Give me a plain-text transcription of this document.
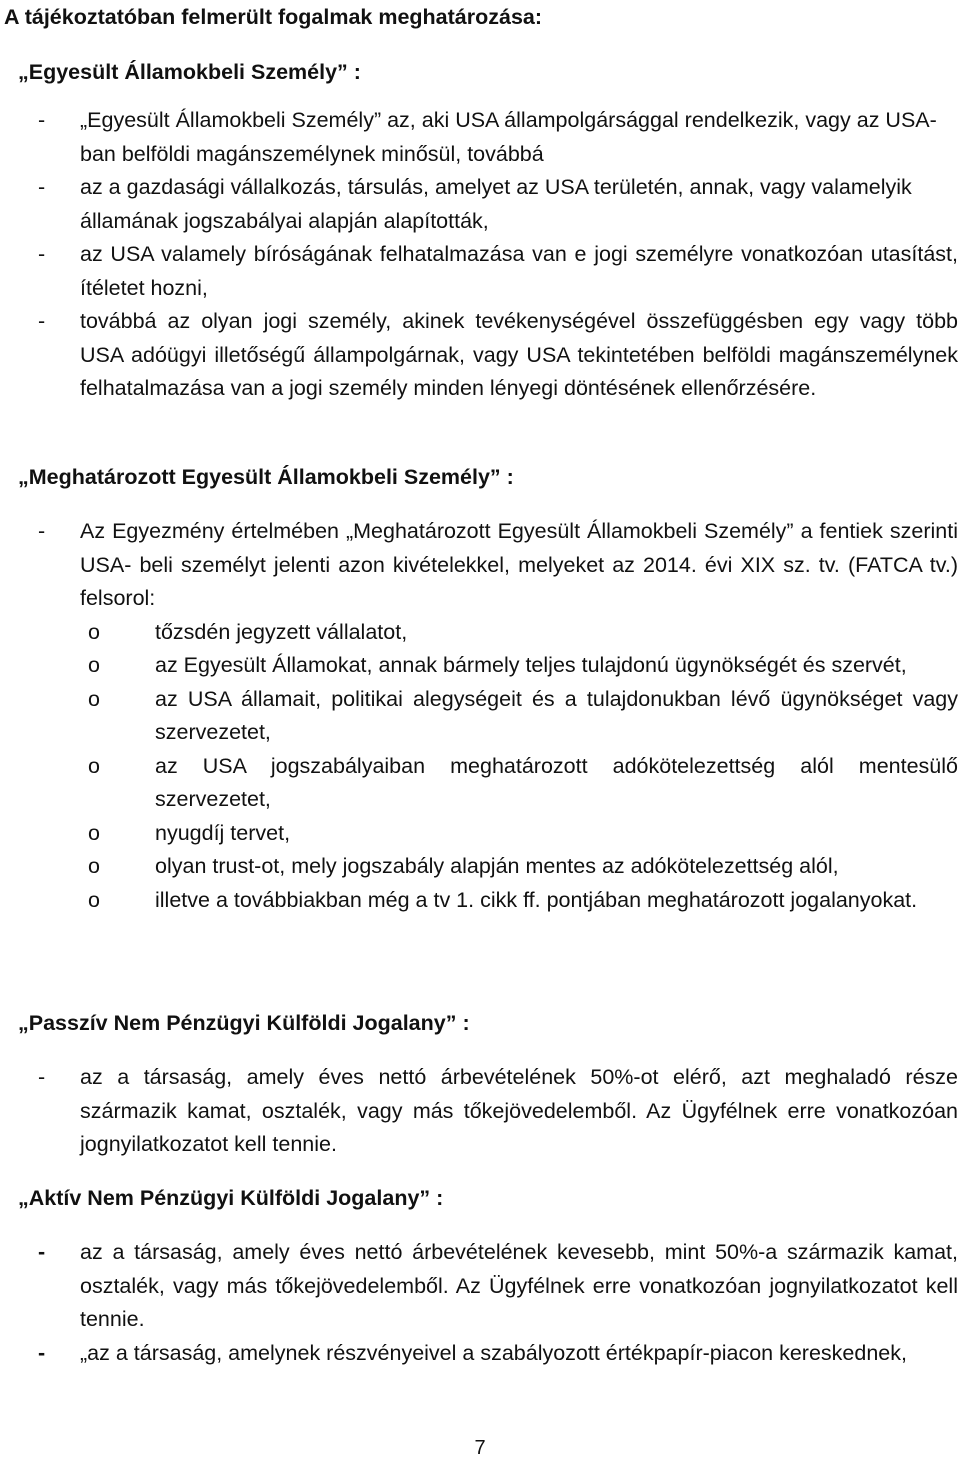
A tájékoztatóban felmerült fogalmak meghatározása:
„Egyesült Államokbeli Személy” :
- „Egyesült Államokbeli Személy” az, aki USA állampolgársággal rendelkezik, vagy az USA-ban belföldi magánszemélynek minősül, továbbá
- az a gazdasági vállalkozás, társulás, amelyet az USA területén, annak, vagy valamelyik államának jogszabályai alapján alapították,
- az USA valamely bíróságának felhatalmazása van e jogi személyre vonatkozóan utasítást, ítéletet hozni,
- továbbá az olyan jogi személy, akinek tevékenységével összefüggésben egy vagy több USA adóügyi illetőségű állampolgárnak, vagy USA tekintetében belföldi magánszemélynek felhatalmazása van a jogi személy minden lényegi döntésének ellenőrzésére.
„Meghatározott Egyesült Államokbeli Személy” :
- Az Egyezmény értelmében „Meghatározott Egyesült Államokbeli Személy” a fentiek szerinti USA- beli személyt jelenti azon kivételekkel, melyeket az 2014. évi XIX sz. tv. (FATCA tv.) felsorol:
o	tőzsdén jegyzett vállalatot,
o	az Egyesült Államokat, annak bármely teljes tulajdonú ügynökségét és szervét,
o	az USA államait, politikai alegységeit és a tulajdonukban lévő ügynökséget vagy szervezetet,
o	az USA jogszabályaiban meghatározott adókötelezettség alól mentesülő szervezetet,
o	nyugdíj tervet,
o	olyan trust-ot, mely jogszabály alapján mentes az adókötelezettség alól,
o	illetve a továbbiakban még a tv 1. cikk ff. pontjában meghatározott jogalanyokat.
„Passzív Nem Pénzügyi Külföldi Jogalany” :
- az a társaság, amely éves nettó árbevételének 50%-ot elérő, azt meghaladó része származik kamat, osztalék, vagy más tőkejövedelemből. Az Ügyfélnek erre vonatkozóan jognyilatkozatot kell tennie.
„Aktív Nem Pénzügyi Külföldi Jogalany” :
- az a társaság, amely éves nettó árbevételének kevesebb, mint 50%-a származik kamat, osztalék, vagy más tőkejövedelemből. Az Ügyfélnek erre vonatkozóan jognyilatkozatot kell tennie.
- „az a társaság, amelynek részvényeivel a szabályozott értékpapír-piacon kereskednek,
7
